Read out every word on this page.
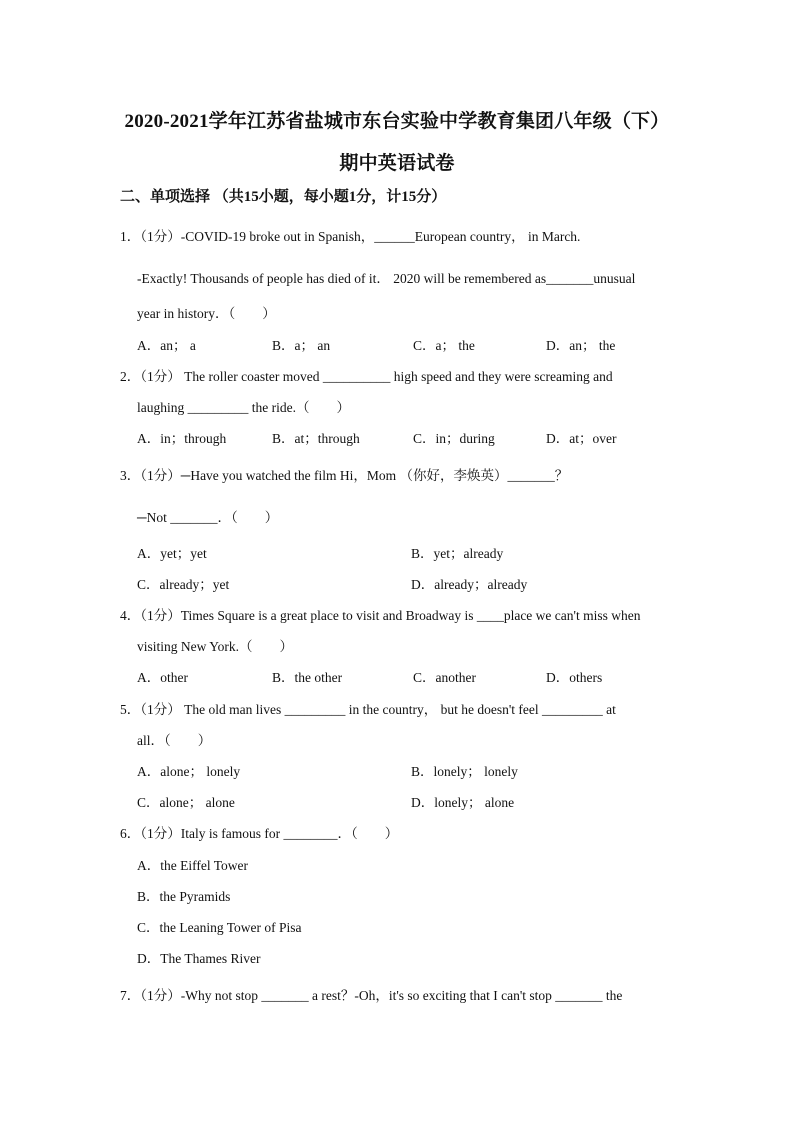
2020-2021学年江苏省盐城市东台实验中学教育集团八年级（下）
期中英语试卷
二、单项选择 （共15小题，每小题1分，计15分）
1．（1分）-COVID-19 broke out in Spanish，______European country， in March.
-Exactly! Thousands of people has died of it． 2020 will be remembered as_______unusual
year in history．（　　）
A．an； a	B．a； an	C．a； the	D．an； the
2．（1分） The roller coaster moved __________ high speed and they were screaming and
laughing _________ the ride.（　　）
A．in；through	B．at；through	C．in；during	D．at；over
3．（1分）─Have you watched the film Hi，Mom （你好，李焕英）_______？
─Not _______．（　　）
A．yet；yet	B．yet；already
C．already；yet	D．already；already
4．（1分）Times Square is a great place to visit and Broadway is ____place we can't miss when
visiting New York.（　　）
A．other	B．the other	C．another	D．others
5．（1分） The old man lives _________ in the country， but he doesn't feel _________ at
all．（　　）
A．alone； lonely	B．lonely； lonely
C．alone； alone	D．lonely； alone
6．（1分）Italy is famous for ________．（　　）
A．the Eiffel Tower
B．the Pyramids
C．the Leaning Tower of Pisa
D．The Thames River
7．（1分）-Why not stop _______ a rest？-Oh，it's so exciting that I can't stop _______ the
